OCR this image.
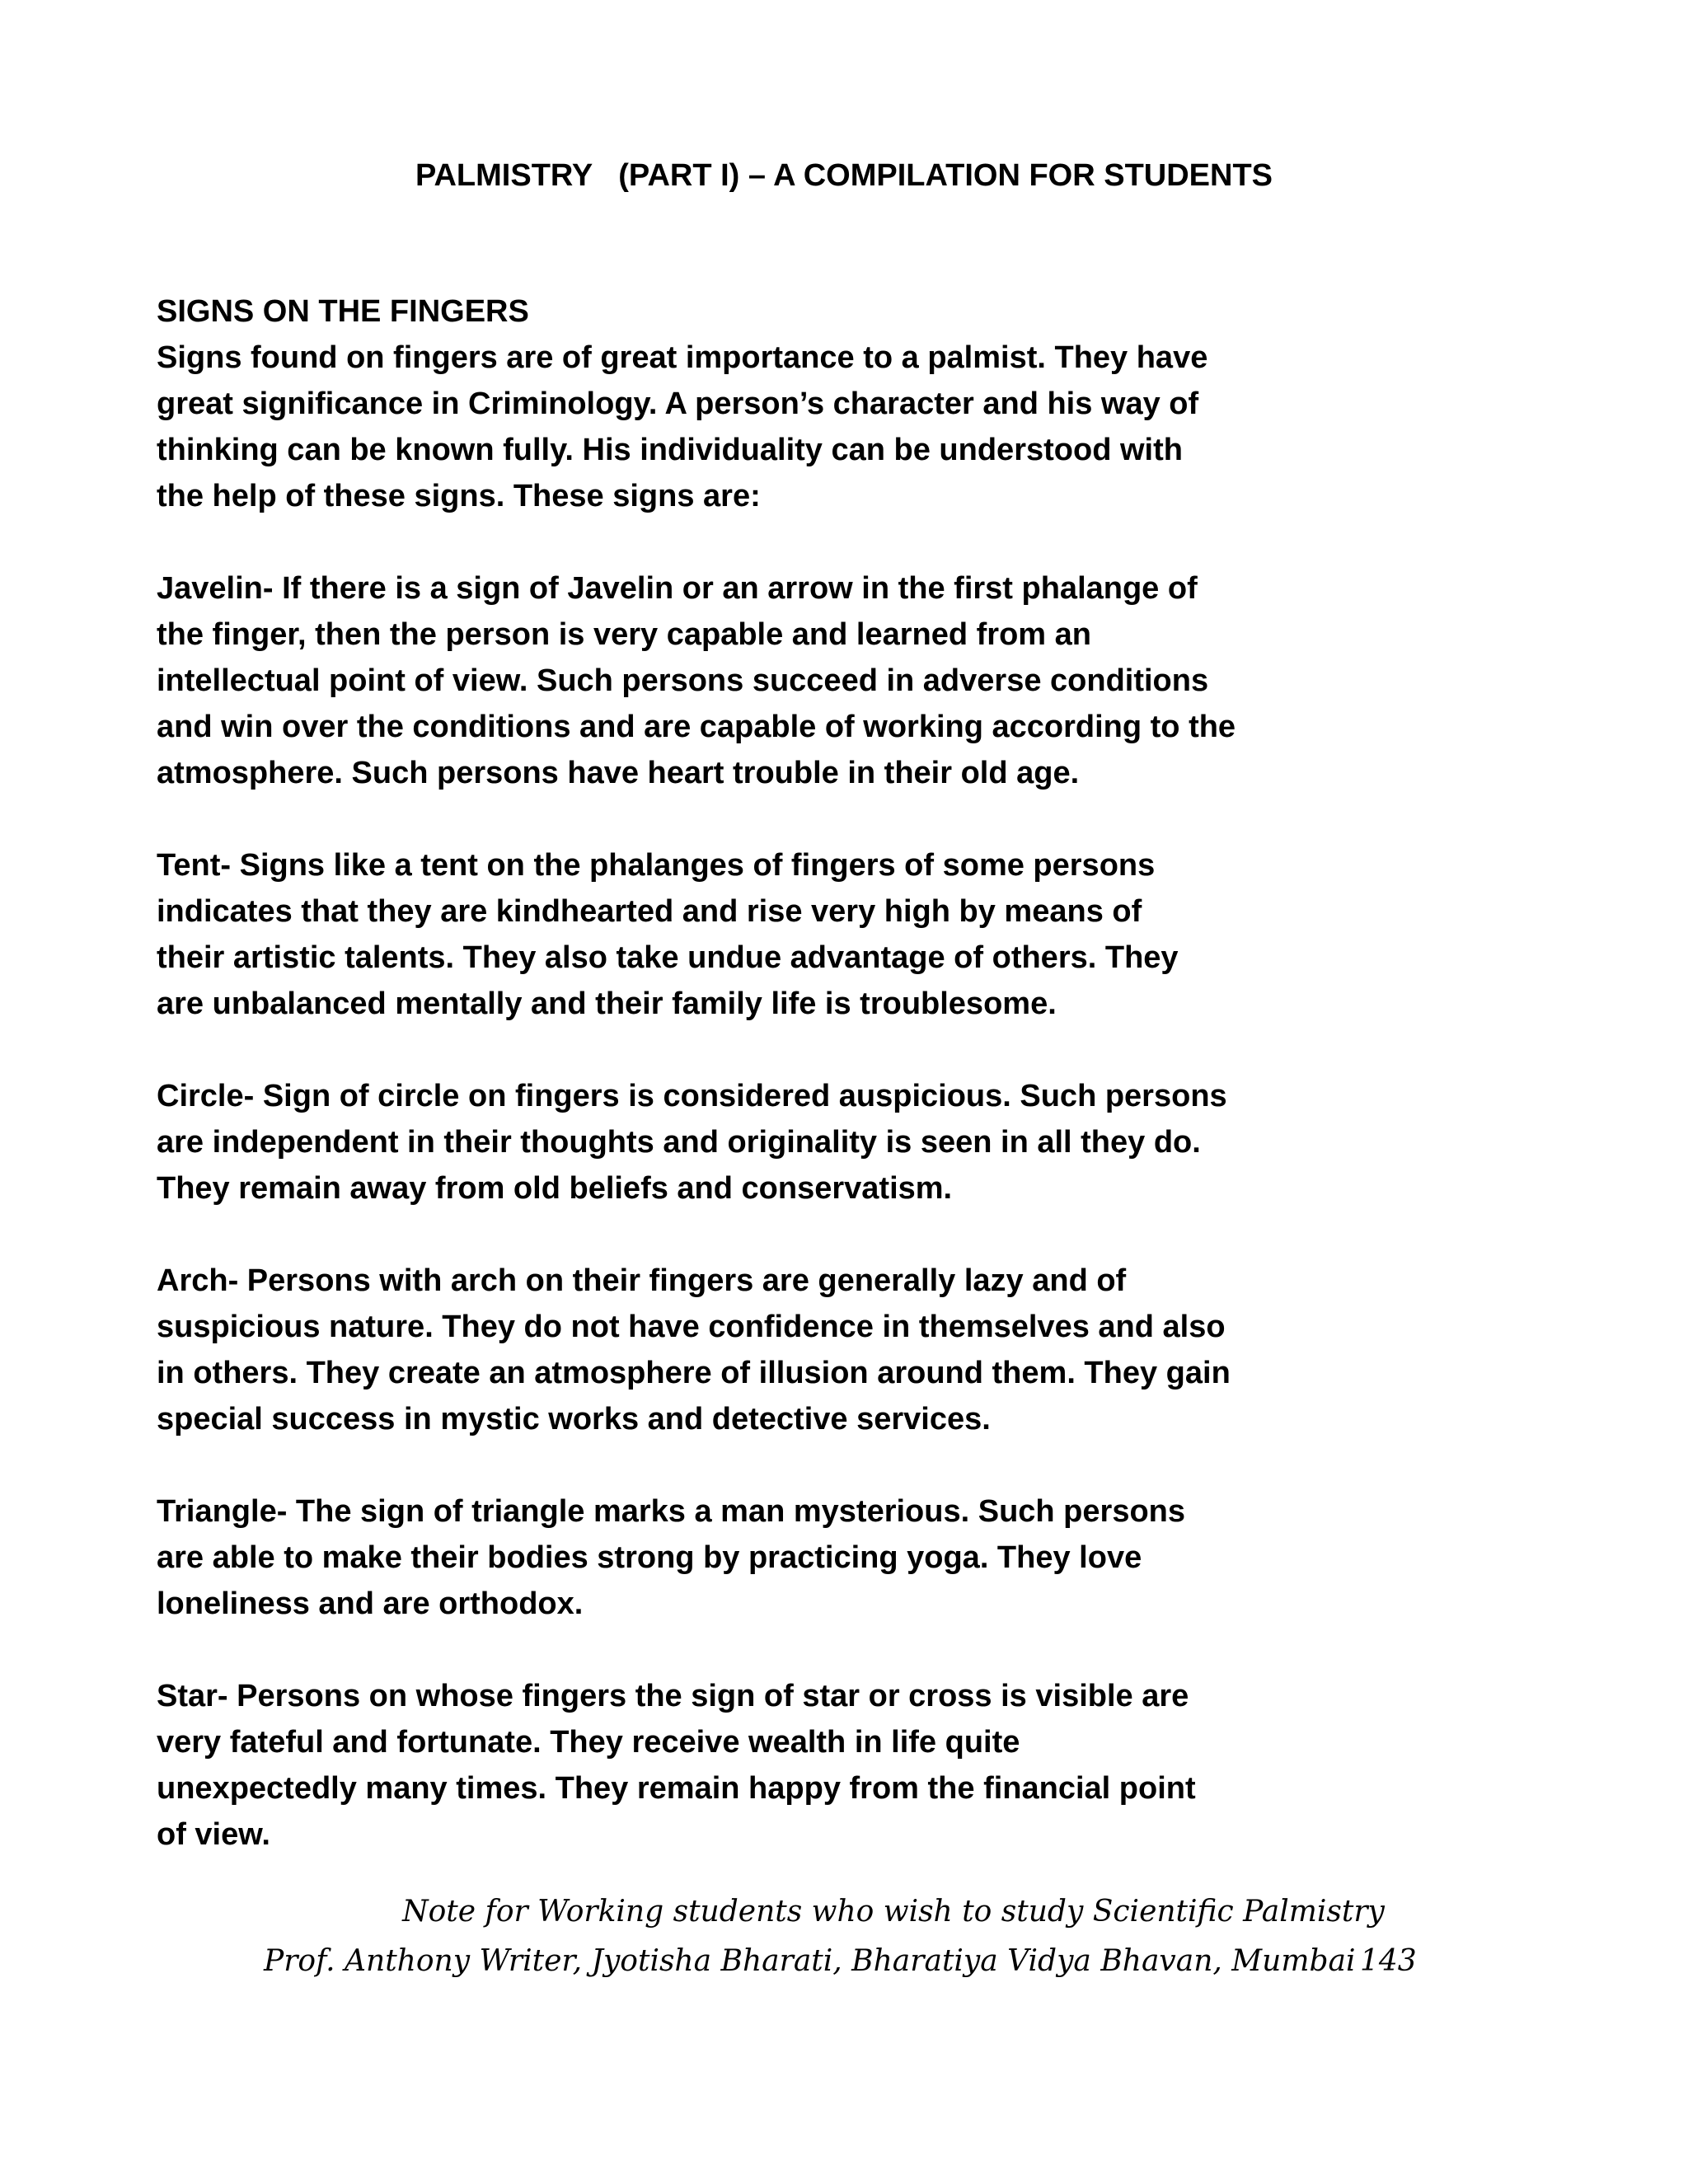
PALMISTRY   (PART I) – A COMPILATION FOR STUDENTS
SIGNS ON THE FINGERS

Signs found on fingers are of great importance to a palmist. They have
great significance in Criminology. A person’s character and his way of
thinking can be known fully. His individuality can be understood with
the help of these signs. These signs are:

Javelin- If there is a sign of Javelin or an arrow in the first phalange of
the finger, then the person is very capable and learned from an
intellectual point of view. Such persons succeed in adverse conditions
and win over the conditions and are capable of working according to the
atmosphere. Such persons have heart trouble in their old age.

Tent- Signs like a tent on the phalanges of fingers of some persons
indicates that they are kindhearted and rise very high by means of
their artistic talents. They also take undue advantage of others. They
are unbalanced mentally and their family life is troublesome.

Circle- Sign of circle on fingers is considered auspicious. Such persons
are independent in their thoughts and originality is seen in all they do.
They remain away from old beliefs and conservatism.

Arch- Persons with arch on their fingers are generally lazy and of
suspicious nature. They do not have confidence in themselves and also
in others. They create an atmosphere of illusion around them. They gain
special success in mystic works and detective services.

Triangle- The sign of triangle marks a man mysterious. Such persons
are able to make their bodies strong by practicing yoga. They love
loneliness and are orthodox.

Star- Persons on whose fingers the sign of star or cross is visible are
very fateful and fortunate. They receive wealth in life quite
unexpectedly many times. They remain happy from the financial point
of view.

Note for Working students who wish to study Scientific Palmistry
Prof. Anthony Writer, Jyotisha Bharati, Bharatiya Vidya Bhavan, Mumbai 143
